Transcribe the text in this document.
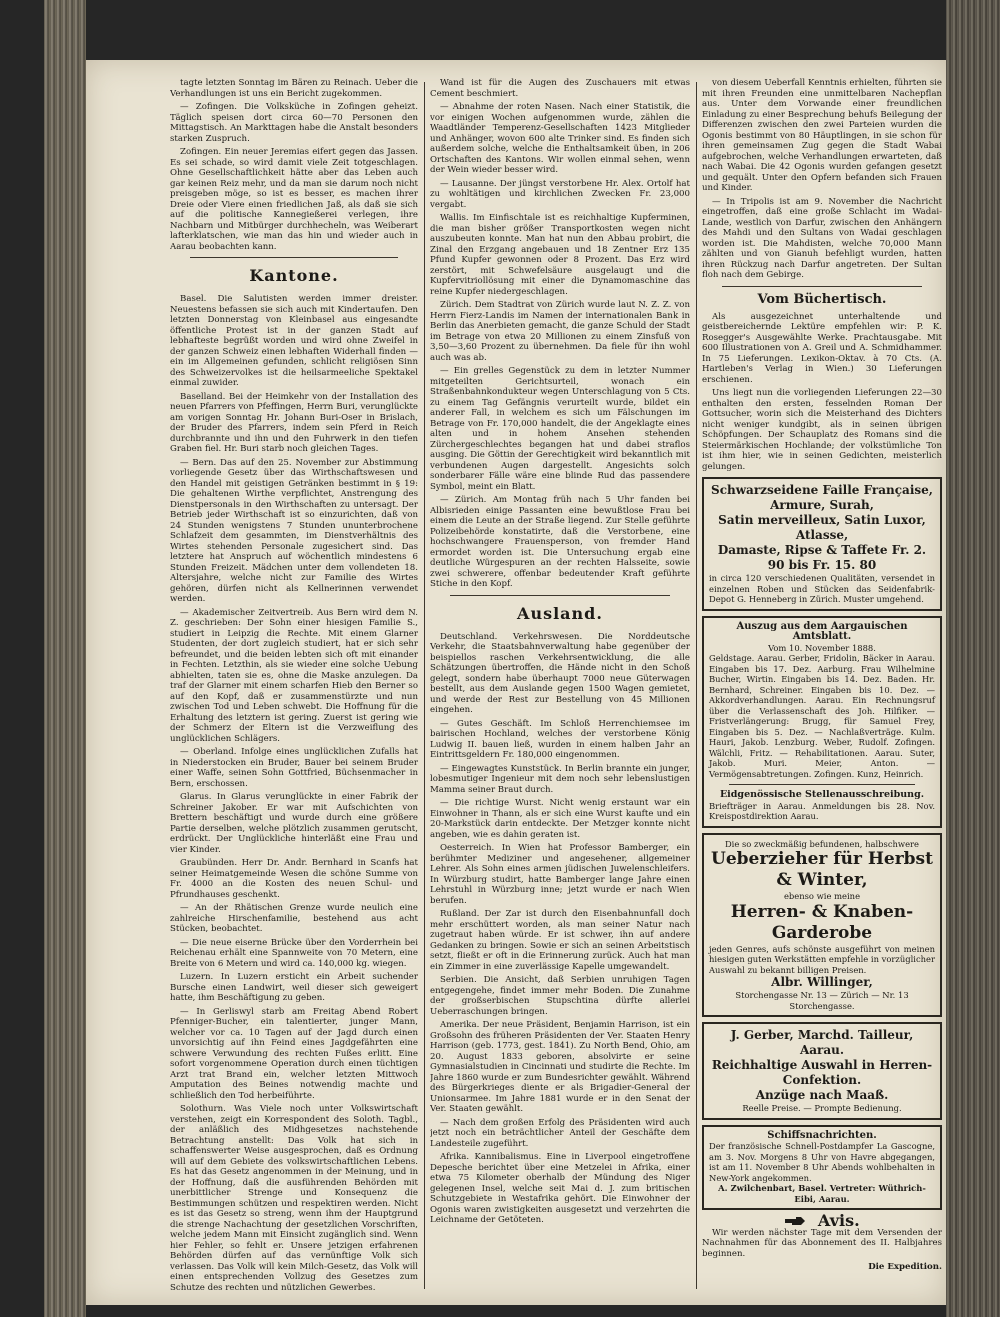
tagte letzten Sonntag im Bären zu Reinach. Ueber die Verhandlungen ist uns ein Bericht zugekommen.

— Zofingen. Die Volksküche in Zofingen geheizt. Täglich speisen dort circa 60—70 Personen den Mittagstisch. An Markttagen habe die Anstalt besonders starken Zuspruch.

Zofingen. Ein neuer Jeremias eifert gegen das Jassen. Es sei schade, so wird damit viele Zeit totgeschlagen. Ohne Gesellschaftlichkeit hätte aber das Leben auch gar keinen Reiz mehr, und da man sie darum noch nicht preisgeben möge, so ist es besser, es machen ihrer Dreie oder Viere einen friedlichen Jaß, als daß sie sich auf die politische Kannegießerei verlegen, ihre Nachbarn und Mitbürger durchhecheln, was Weiberart lafterklatschen, wie man das hin und wieder auch in Aarau beobachten kann.

Kantone.

Basel. Die Salutisten werden immer dreister. Neuestens befassen sie sich auch mit Kindertaufen. Den letzten Donnerstag von Kleinbasel aus eingesandte öffentliche Protest ist in der ganzen Stadt auf lebhafteste begrüßt worden und wird ohne Zweifel in der ganzen Schweiz einen lebhaften Widerhall finden — ein im Allgemeinen gefunden, schlicht religiösen Sinn des Schweizervolkes ist die heilsarmeeliche Spektakel einmal zuwider.

Baselland. Bei der Heimkehr von der Installation des neuen Pfarrers von Pfeffingen, Herrn Buri, verunglückte am vorigen Sonntag Hr. Johann Buri-Oser in Brislach, der Bruder des Pfarrers, indem sein Pferd in Reich durchbrannte und ihn und den Fuhrwerk in den tiefen Graben fiel. Hr. Buri starb noch gleichen Tages.

— Bern. Das auf den 25. November zur Abstimmung vorliegende Gesetz über das Wirthschaftswesen und den Handel mit geistigen Getränken bestimmt in § 19: Die gehaltenen Wirthe verpflichtet, Anstrengung des Dienstpersonals in den Wirthschaften zu untersagt. Der Betrieb jeder Wirthschaft ist so einzurichten, daß von 24 Stunden wenigstens 7 Stunden ununterbrochene Schlafzeit dem gesammten, im Dienstverhältnis des Wirtes stehenden Personale zugesichert sind. Das letztere hat Anspruch auf wöchentlich mindestens 6 Stunden Freizeit. Mädchen unter dem vollendeten 18. Altersjahre, welche nicht zur Familie des Wirtes gehören, dürfen nicht als Kellnerinnen verwendet werden.

— Akademischer Zeitvertreib. Aus Bern wird dem N. Z. geschrieben: Der Sohn einer hiesigen Familie S., studiert in Leipzig die Rechte. Mit einem Glarner Studenten, der dort zugleich studiert, hat er sich sehr befreundet, und die beiden lebten sich oft mit einander in Fechten. Letzthin, als sie wieder eine solche Uebung abhielten, taten sie es, ohne die Maske anzulegen. Da traf der Glarner mit einem scharfen Hieb den Berner so auf den Kopf, daß er zusammenstürzte und nun zwischen Tod und Leben schwebt. Die Hoffnung für die Erhaltung des letztern ist gering. Zuerst ist gering wie der Schmerz der Eltern ist die Verzweiflung des unglücklichen Schlägers.

— Oberland. Infolge eines unglücklichen Zufalls hat in Niederstocken ein Bruder, Bauer bei seinem Bruder einer Waffe, seinen Sohn Gottfried, Büchsenmacher in Bern, erschossen.

Glarus. In Glarus verunglückte in einer Fabrik der Schreiner Jakober. Er war mit Aufschichten von Brettern beschäftigt und wurde durch eine größere Partie derselben, welche plötzlich zusammen gerutscht, erdrückt. Der Unglückliche hinterläßt eine Frau und vier Kinder.

Graubünden. Herr Dr. Andr. Bernhard in Scanfs hat seiner Heimatgemeinde Wesen die schöne Summe von Fr. 4000 an die Kosten des neuen Schul- und Pfrundhauses geschenkt.

— An der Rhätischen Grenze wurde neulich eine zahlreiche Hirschenfamilie, bestehend aus acht Stücken, beobachtet.

— Die neue eiserne Brücke über den Vorderrhein bei Reichenau erhält eine Spannweite von 70 Metern, eine Breite von 6 Metern und wird ca. 140,000 kg. wiegen.

Luzern. In Luzern ersticht ein Arbeit suchender Bursche einen Landwirt, weil dieser sich geweigert hatte, ihm Beschäftigung zu geben.

— In Gerliswyl starb am Freitag Abend Robert Pfenniger-Bucher, ein talentierter, junger Mann, welcher vor ca. 10 Tagen auf der Jagd durch einen unvorsichtig auf ihn Feind eines Jagdgefährten eine schwere Verwundung des rechten Fußes erlitt. Eine sofort vorgenommene Operation durch einen tüchtigen Arzt trat Brand ein, welcher letzten Mittwoch Amputation des Beines notwendig machte und schließlich den Tod herbeiführte.

Solothurn. Was Viele noch unter Volkswirtschaft verstehen, zeigt ein Korrespondent des Soloth. Tagbl., der anläßlich des Midhgesetzes nachstehende Betrachtung anstellt: Das Volk hat sich in schaffenswerter Weise ausgesprochen, daß es Ordnung will auf dem Gebiete des volkswirtschaftlichen Lebens. Es hat das Gesetz angenommen in der Meinung, und in der Hoffnung, daß die ausführenden Behörden mit unerbittlicher Strenge und Konsequenz die Bestimmungen schützen und respektiren werden. Nicht es ist das Gesetz so streng, wenn ihm der Hauptgrund die strenge Nachachtung der gesetzlichen Vorschriften, welche jedem Mann mit Einsicht zugänglich sind. Wenn hier Fehler, so fehlt er. Unsere jetzigen erfahrenen Behörden dürfen auf das vernünftige Volk sich verlassen. Das Volk will kein Milch-Gesetz, das Volk will einen entsprechenden Vollzug des Gesetzes zum Schutze des rechten und nützlichen Gewerbes.

Wand ist für die Augen des Zuschauers mit etwas Cement beschmiert.

— Abnahme der roten Nasen. Nach einer Statistik, die vor einigen Wochen aufgenommen wurde, zählen die Waadtländer Temperenz-Gesellschaften 1423 Mitglieder und Anhänger, wovon 600 alte Trinker sind. Es finden sich außerdem solche, welche die Enthaltsamkeit üben, in 206 Ortschaften des Kantons. Wir wollen einmal sehen, wenn der Wein wieder besser wird.

— Lausanne. Der jüngst verstorbene Hr. Alex. Ortolf hat zu wohltätigen und kirchlichen Zwecken Fr. 23,000 vergabt.

Wallis. Im Einfischtale ist es reichhaltige Kupferminen, die man bisher größer Transportkosten wegen nicht auszubeuten konnte. Man hat nun den Abbau probirt, die Zinal den Erzgang angebauen und 18 Zentner Erz 135 Pfund Kupfer gewonnen oder 8 Prozent. Das Erz wird zerstört, mit Schwefelsäure ausgelaugt und die Kupfervitriollösung mit einer die Dynamomaschine das reine Kupfer niedergeschlagen.

Zürich. Dem Stadtrat von Zürich wurde laut N. Z. Z. von Herrn Fierz-Landis im Namen der internationalen Bank in Berlin das Anerbieten gemacht, die ganze Schuld der Stadt im Betrage von etwa 20 Millionen zu einem Zinsfuß von 3,50—3,60 Prozent zu übernehmen. Da fiele für ihn wohl auch was ab.

— Ein grelles Gegenstück zu dem in letzter Nummer mitgeteilten Gerichtsurteil, wonach ein Straßenbahnkondukteur wegen Unterschlagung von 5 Cts. zu einem Tag Gefängnis verurteilt wurde, bildet ein anderer Fall, in welchem es sich um Fälschungen im Betrage von Fr. 170,000 handelt, die der Angeklagte eines alten und in hohem Ansehen stehenden Zürchergeschlechtes begangen hat und dabei straflos ausging. Die Göttin der Gerechtigkeit wird bekanntlich mit verbundenen Augen dargestellt. Angesichts solch sonderbarer Fälle wäre eine blinde Rud das passendere Symbol, meint ein Blatt.

— Zürich. Am Montag früh nach 5 Uhr fanden bei Albisrieden einige Passanten eine bewußtlose Frau bei einem die Leute an der Straße liegend. Zur Stelle geführte Polizeibehörde konstatirte, daß die Verstorbene, eine hochschwangere Frauensperson, von fremder Hand ermordet worden ist. Die Untersuchung ergab eine deutliche Würgespuren an der rechten Halsseite, sowie zwei schwerere, offenbar bedeutender Kraft geführte Stiche in den Kopf.

Ausland.

Deutschland. Verkehrswesen. Die Norddeutsche Verkehr, die Staatsbahnverwaltung habe gegenüber der beispiellos raschen Verkehrsentwicklung, die alle Schätzungen übertroffen, die Hände nicht in den Schoß gelegt, sondern habe überhaupt 7000 neue Güterwagen bestellt, aus dem Auslande gegen 1500 Wagen gemietet, und werde der Rest zur Bestellung von 45 Millionen eingehen.

— Gutes Geschäft. Im Schloß Herrenchiemsee im bairischen Hochland, welches der verstorbene König Ludwig II. bauen ließ, wurden in einem halben Jahr an Eintrittsgeldern Fr. 180,000 eingenommen.

— Eingewagtes Kunststück. In Berlin brannte ein junger, lobesmutiger Ingenieur mit dem noch sehr lebenslustigen Mamma seiner Braut durch.

— Die richtige Wurst. Nicht wenig erstaunt war ein Einwohner in Thann, als er sich eine Wurst kaufte und ein 20-Markstück darin entdeckte. Der Metzger konnte nicht angeben, wie es dahin geraten ist.

Oesterreich. In Wien hat Professor Bamberger, ein berühmter Mediziner und angesehener, allgemeiner Lehrer. Als Sohn eines armen jüdischen Juwelenschleifers. In Würzburg studirt, hatte Bamberger lange Jahre einen Lehrstuhl in Würzburg inne; jetzt wurde er nach Wien berufen.

Rußland. Der Zar ist durch den Eisenbahnunfall doch mehr erschüttert worden, als man seiner Natur nach zugetraut haben würde. Er ist schwer, ihn auf andere Gedanken zu bringen. Sowie er sich an seinen Arbeitstisch setzt, fließt er oft in die Erinnerung zurück. Auch hat man ein Zimmer in eine zuverlässige Kapelle umgewandelt.

Serbien. Die Ansicht, daß Serbien unruhigen Tagen entgegengehe, findet immer mehr Boden. Die Zunahme der großserbischen Stupschtina dürfte allerlei Ueberraschungen bringen.

Amerika. Der neue Präsident, Benjamin Harrison, ist ein Großsohn des früheren Präsidenten der Ver. Staaten Henry Harrison (geb. 1773, gest. 1841). Zu North Bend, Ohio, am 20. August 1833 geboren, absolvirte er seine Gymnasialstudien in Cincinnati und studirte die Rechte. Im Jahre 1860 wurde er zum Bundesrichter gewählt. Während des Bürgerkrieges diente er als Brigadier-General der Unionsarmee. Im Jahre 1881 wurde er in den Senat der Ver. Staaten gewählt.

— Nach dem großen Erfolg des Präsidenten wird auch jetzt noch ein beträchtlicher Anteil der Geschäfte dem Landesteile zugeführt.

Afrika. Kannibalismus. Eine in Liverpool eingetroffene Depesche berichtet über eine Metzelei in Afrika, einer etwa 75 Kilometer oberhalb der Mündung des Niger gelegenen Insel, welche seit Mai d. J. zum britischen Schutzgebiete in Westafrika gehört. Die Einwohner der Ogonis waren zwistigkeiten ausgesetzt und verzehrten die Leichname der Getöteten.

von diesem Ueberfall Kenntnis erhielten, führten sie mit ihren Freunden eine unmittelbaren Nachepflan aus. Unter dem Vorwande einer freundlichen Einladung zu einer Besprechung behufs Beilegung der Differenzen zwischen den zwei Parteien wurden die Ogonis bestimmt von 80 Häuptlingen, in sie schon für ihren gemeinsamen Zug gegen die Stadt Wabai aufgebrochen, welche Verhandlungen erwarteten, daß nach Wabai. Die 42 Ogonis wurden gefangen gesetzt und gequält. Unter den Opfern befanden sich Frauen und Kinder.

— In Tripolis ist am 9. November die Nachricht eingetroffen, daß eine große Schlacht im Wadai-Lande, westlich von Darfur, zwischen den Anhängern des Mahdi und den Sultans von Wadai geschlagen worden ist. Die Mahdisten, welche 70,000 Mann zählten und von Gianuh befehligt wurden, hatten ihren Rückzug nach Darfur angetreten. Der Sultan floh nach dem Gebirge.

Vom Büchertisch.

Als ausgezeichnet unterhaltende und geistbereichernde Lektüre empfehlen wir: P. K. Rosegger's Ausgewählte Werke. Prachtausgabe. Mit 600 Illustrationen von A. Greil und A. Schmidhammer. In 75 Lieferungen. Lexikon-Oktav. à 70 Cts. (A. Hartleben's Verlag in Wien.) 30 Lieferungen erschienen.

Uns liegt nun die vorliegenden Lieferungen 22—30 enthalten den ersten, fesselnden Roman Der Gottsucher, worin sich die Meisterhand des Dichters nicht weniger kundgibt, als in seinen übrigen Schöpfungen. Der Schauplatz des Romans sind die Steiermärkischen Hochlande; der volkstümliche Ton ist ihm hier, wie in seinen Gedichten, meisterlich gelungen.

Schwarzseidene Faille Française, Armure, Surah,
Satin merveilleux, Satin Luxor, Atlasse,
Damaste, Ripse & Taffete Fr. 2. 90 bis Fr. 15. 80
in circa 120 verschiedenen Qualitäten, versendet in einzelnen Roben und Stücken das Seidenfabrik-Depot G. Henneberg in Zürich. Muster umgehend.
Auszug aus dem Aargauischen Amtsblatt.
Vom 10. November 1888.
Geldstage. Aarau. Gerber, Fridolin, Bäcker in Aarau. Eingaben bis 17. Dez. Aarburg. Frau Wilhelmine Bucher, Wirtin. Eingaben bis 14. Dez. Baden. Hr. Bernhard, Schreiner. Eingaben bis 10. Dez. — Akkordverhandlungen. Aarau. Ein Rechnungsruf über die Verlassenschaft des Joh. Hilfiker. — Fristverlängerung: Brugg, für Samuel Frey, Eingaben bis 5. Dez. — Nachlaßverträge. Kulm. Hauri, Jakob. Lenzburg. Weber, Rudolf. Zofingen. Wälchli, Fritz. — Rehabilitationen. Aarau. Suter, Jakob. Muri. Meier, Anton. — Vermögensabtretungen. Zofingen. Kunz, Heinrich.
Eidgenössische Stellenausschreibung.
Briefträger in Aarau. Anmeldungen bis 28. Nov. Kreispostdirektion Aarau.
Die so zweckmäßig befundenen, halbschwere
Ueberzieher für Herbst & Winter,
ebenso wie meine
Herren- & Knaben-Garderobe
jeden Genres, aufs schönste ausgeführt von meinen hiesigen guten Werkstätten empfehle in vorzüglicher Auswahl zu bekannt billigen Preisen.
Albr. Willinger,
Storchengasse Nr. 13 — Zürich — Nr. 13 Storchengasse.
J. Gerber, Marchd. Tailleur, Aarau.
Reichhaltige Auswahl in Herren-Confektion.
Anzüge nach Maaß.
Reelle Preise. — Prompte Bedienung.
Schiffsnachrichten.
Der französische Schnell-Postdampfer La Gascogne, am 3. Nov. Morgens 8 Uhr von Havre abgegangen, ist am 11. November 8 Uhr Abends wohlbehalten in New-York angekommen.
A. Zwilchenbart, Basel. Vertreter: Wüthrich-Eibi, Aarau.
Avis.

Wir werden nächster Tage mit dem Versenden der Nachnahmen für das Abonnement des II. Halbjahres beginnen.

Die Expedition.
